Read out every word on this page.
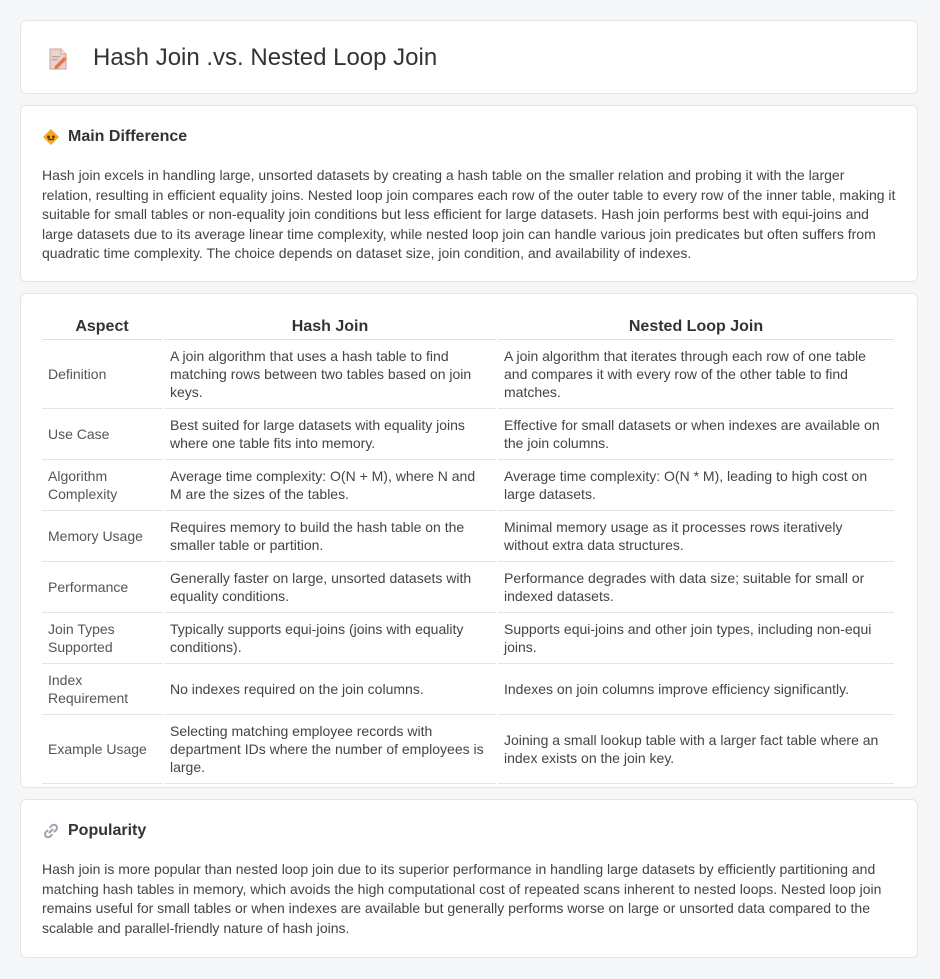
Hash Join .vs. Nested Loop Join
Main Difference

Hash join excels in handling large, unsorted datasets by creating a hash table on the smaller relation and probing it with the larger relation, resulting in efficient equality joins. Nested loop join compares each row of the outer table to every row of the inner table, making it suitable for small tables or non-equality join conditions but less efficient for large datasets. Hash join performs best with equi-joins and large datasets due to its average linear time complexity, while nested loop join can handle various join predicates but often suffers from quadratic time complexity. The choice depends on dataset size, join condition, and availability of indexes.

Aspect	Hash Join	Nested Loop Join
Definition	A join algorithm that uses a hash table to find matching rows between two tables based on join keys.	A join algorithm that iterates through each row of one table and compares it with every row of the other table to find matches.
Use Case	Best suited for large datasets with equality joins where one table fits into memory.	Effective for small datasets or when indexes are available on the join columns.
Algorithm Complexity	Average time complexity: O(N + M), where N and M are the sizes of the tables.	Average time complexity: O(N * M), leading to high cost on large datasets.
Memory Usage	Requires memory to build the hash table on the smaller table or partition.	Minimal memory usage as it processes rows iteratively without extra data structures.
Performance	Generally faster on large, unsorted datasets with equality conditions.	Performance degrades with data size; suitable for small or indexed datasets.
Join Types Supported	Typically supports equi-joins (joins with equality conditions).	Supports equi-joins and other join types, including non-equi joins.
Index Requirement	No indexes required on the join columns.	Indexes on join columns improve efficiency significantly.
Example Usage	Selecting matching employee records with department IDs where the number of employees is large.	Joining a small lookup table with a larger fact table where an index exists on the join key.
Popularity

Hash join is more popular than nested loop join due to its superior performance in handling large datasets by efficiently partitioning and matching hash tables in memory, which avoids the high computational cost of repeated scans inherent to nested loops. Nested loop join remains useful for small tables or when indexes are available but generally performs worse on large or unsorted data compared to the scalable and parallel-friendly nature of hash joins.
